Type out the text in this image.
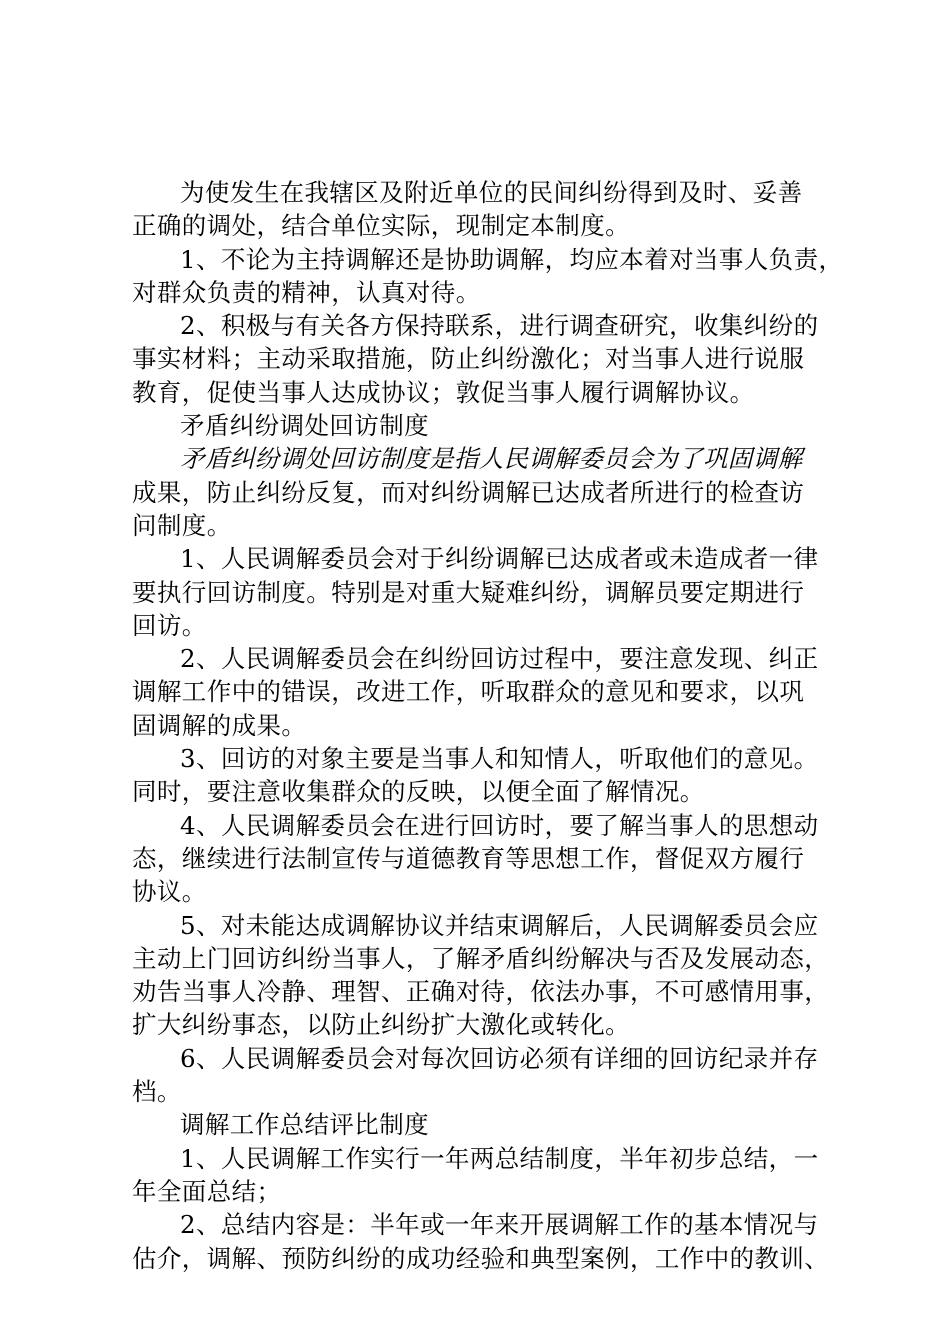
为使发生在我辖区及附近单位的民间纠纷得到及时、妥善
正确的调处，结合单位实际，现制定本制度。
1、不论为主持调解还是协助调解，均应本着对当事人负责，
对群众负责的精神，认真对待。
2、积极与有关各方保持联系，进行调查研究，收集纠纷的
事实材料；主动采取措施，防止纠纷激化；对当事人进行说服
教育，促使当事人达成协议；敦促当事人履行调解协议。
矛盾纠纷调处回访制度
矛盾纠纷调处回访制度是指人民调解委员会为了巩固调解
成果，防止纠纷反复，而对纠纷调解已达成者所进行的检查访
问制度。
1、人民调解委员会对于纠纷调解已达成者或未造成者一律
要执行回访制度。特别是对重大疑难纠纷，调解员要定期进行
回访。
2、人民调解委员会在纠纷回访过程中，要注意发现、纠正
调解工作中的错误，改进工作，听取群众的意见和要求，以巩
固调解的成果。
3、回访的对象主要是当事人和知情人，听取他们的意见。
同时，要注意收集群众的反映，以便全面了解情况。
4、人民调解委员会在进行回访时，要了解当事人的思想动
态，继续进行法制宣传与道德教育等思想工作，督促双方履行
协议。
5、对未能达成调解协议并结束调解后，人民调解委员会应
主动上门回访纠纷当事人，了解矛盾纠纷解决与否及发展动态，
劝告当事人冷静、理智、正确对待，依法办事，不可感情用事，
扩大纠纷事态，以防止纠纷扩大激化或转化。
6、人民调解委员会对每次回访必须有详细的回访纪录并存
档。
调解工作总结评比制度
1、人民调解工作实行一年两总结制度，半年初步总结，一
年全面总结；
2、总结内容是：半年或一年来开展调解工作的基本情况与
估介，调解、预防纠纷的成功经验和典型案例，工作中的教训、
